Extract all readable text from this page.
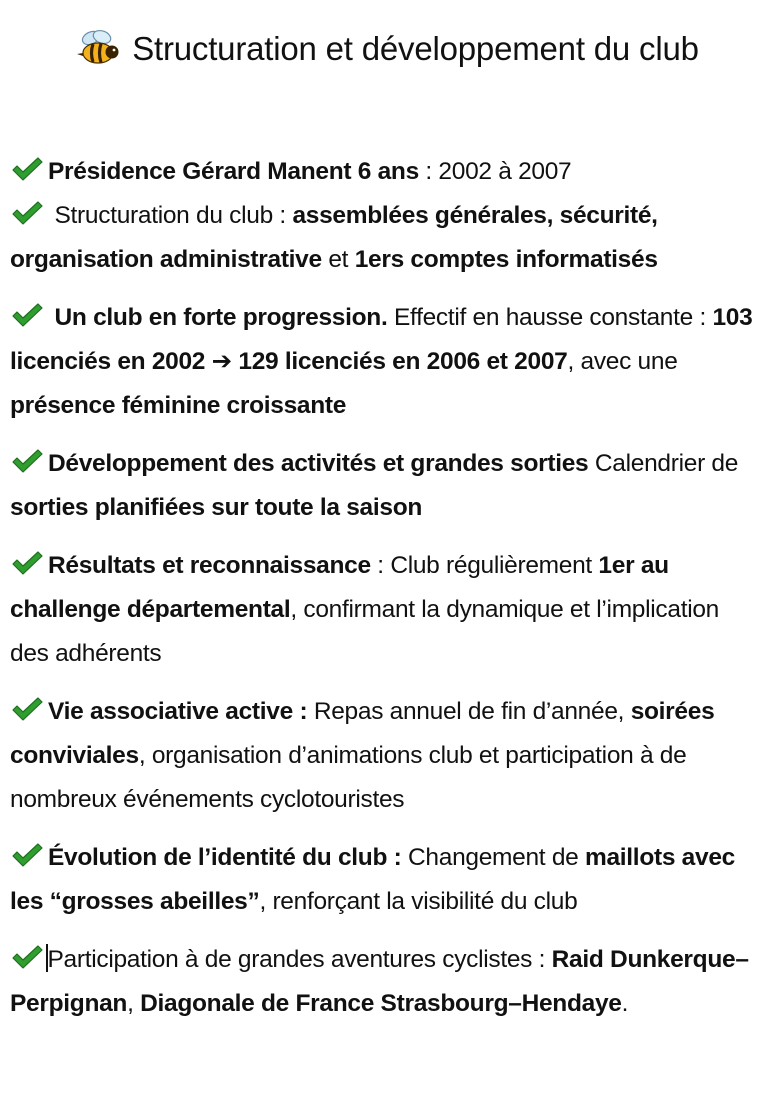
Structuration et développement du club

Présidence Gérard Manent 6 ans : 2002 à 2007

Structuration du club : assemblées générales, sécurité, organisation administrative et 1ers comptes informatisés

Un club en forte progression. Effectif en hausse constante : 103 licenciés en 2002 ➔ 129 licenciés en 2006 et 2007, avec une présence féminine croissante

Développement des activités et grandes sorties Calendrier de sorties planifiées sur toute la saison

Résultats et reconnaissance : Club régulièrement 1er au challenge départemental, confirmant la dynamique et l’implication des adhérents

Vie associative active : Repas annuel de fin d’année, soirées conviviales, organisation d’animations club et participation à de nombreux événements cyclotouristes

Évolution de l’identité du club : Changement de maillots avec les “grosses abeilles”, renforçant la visibilité du club

Participation à de grandes aventures cyclistes : Raid Dunkerque–Perpignan, Diagonale de France Strasbourg–Hendaye.
